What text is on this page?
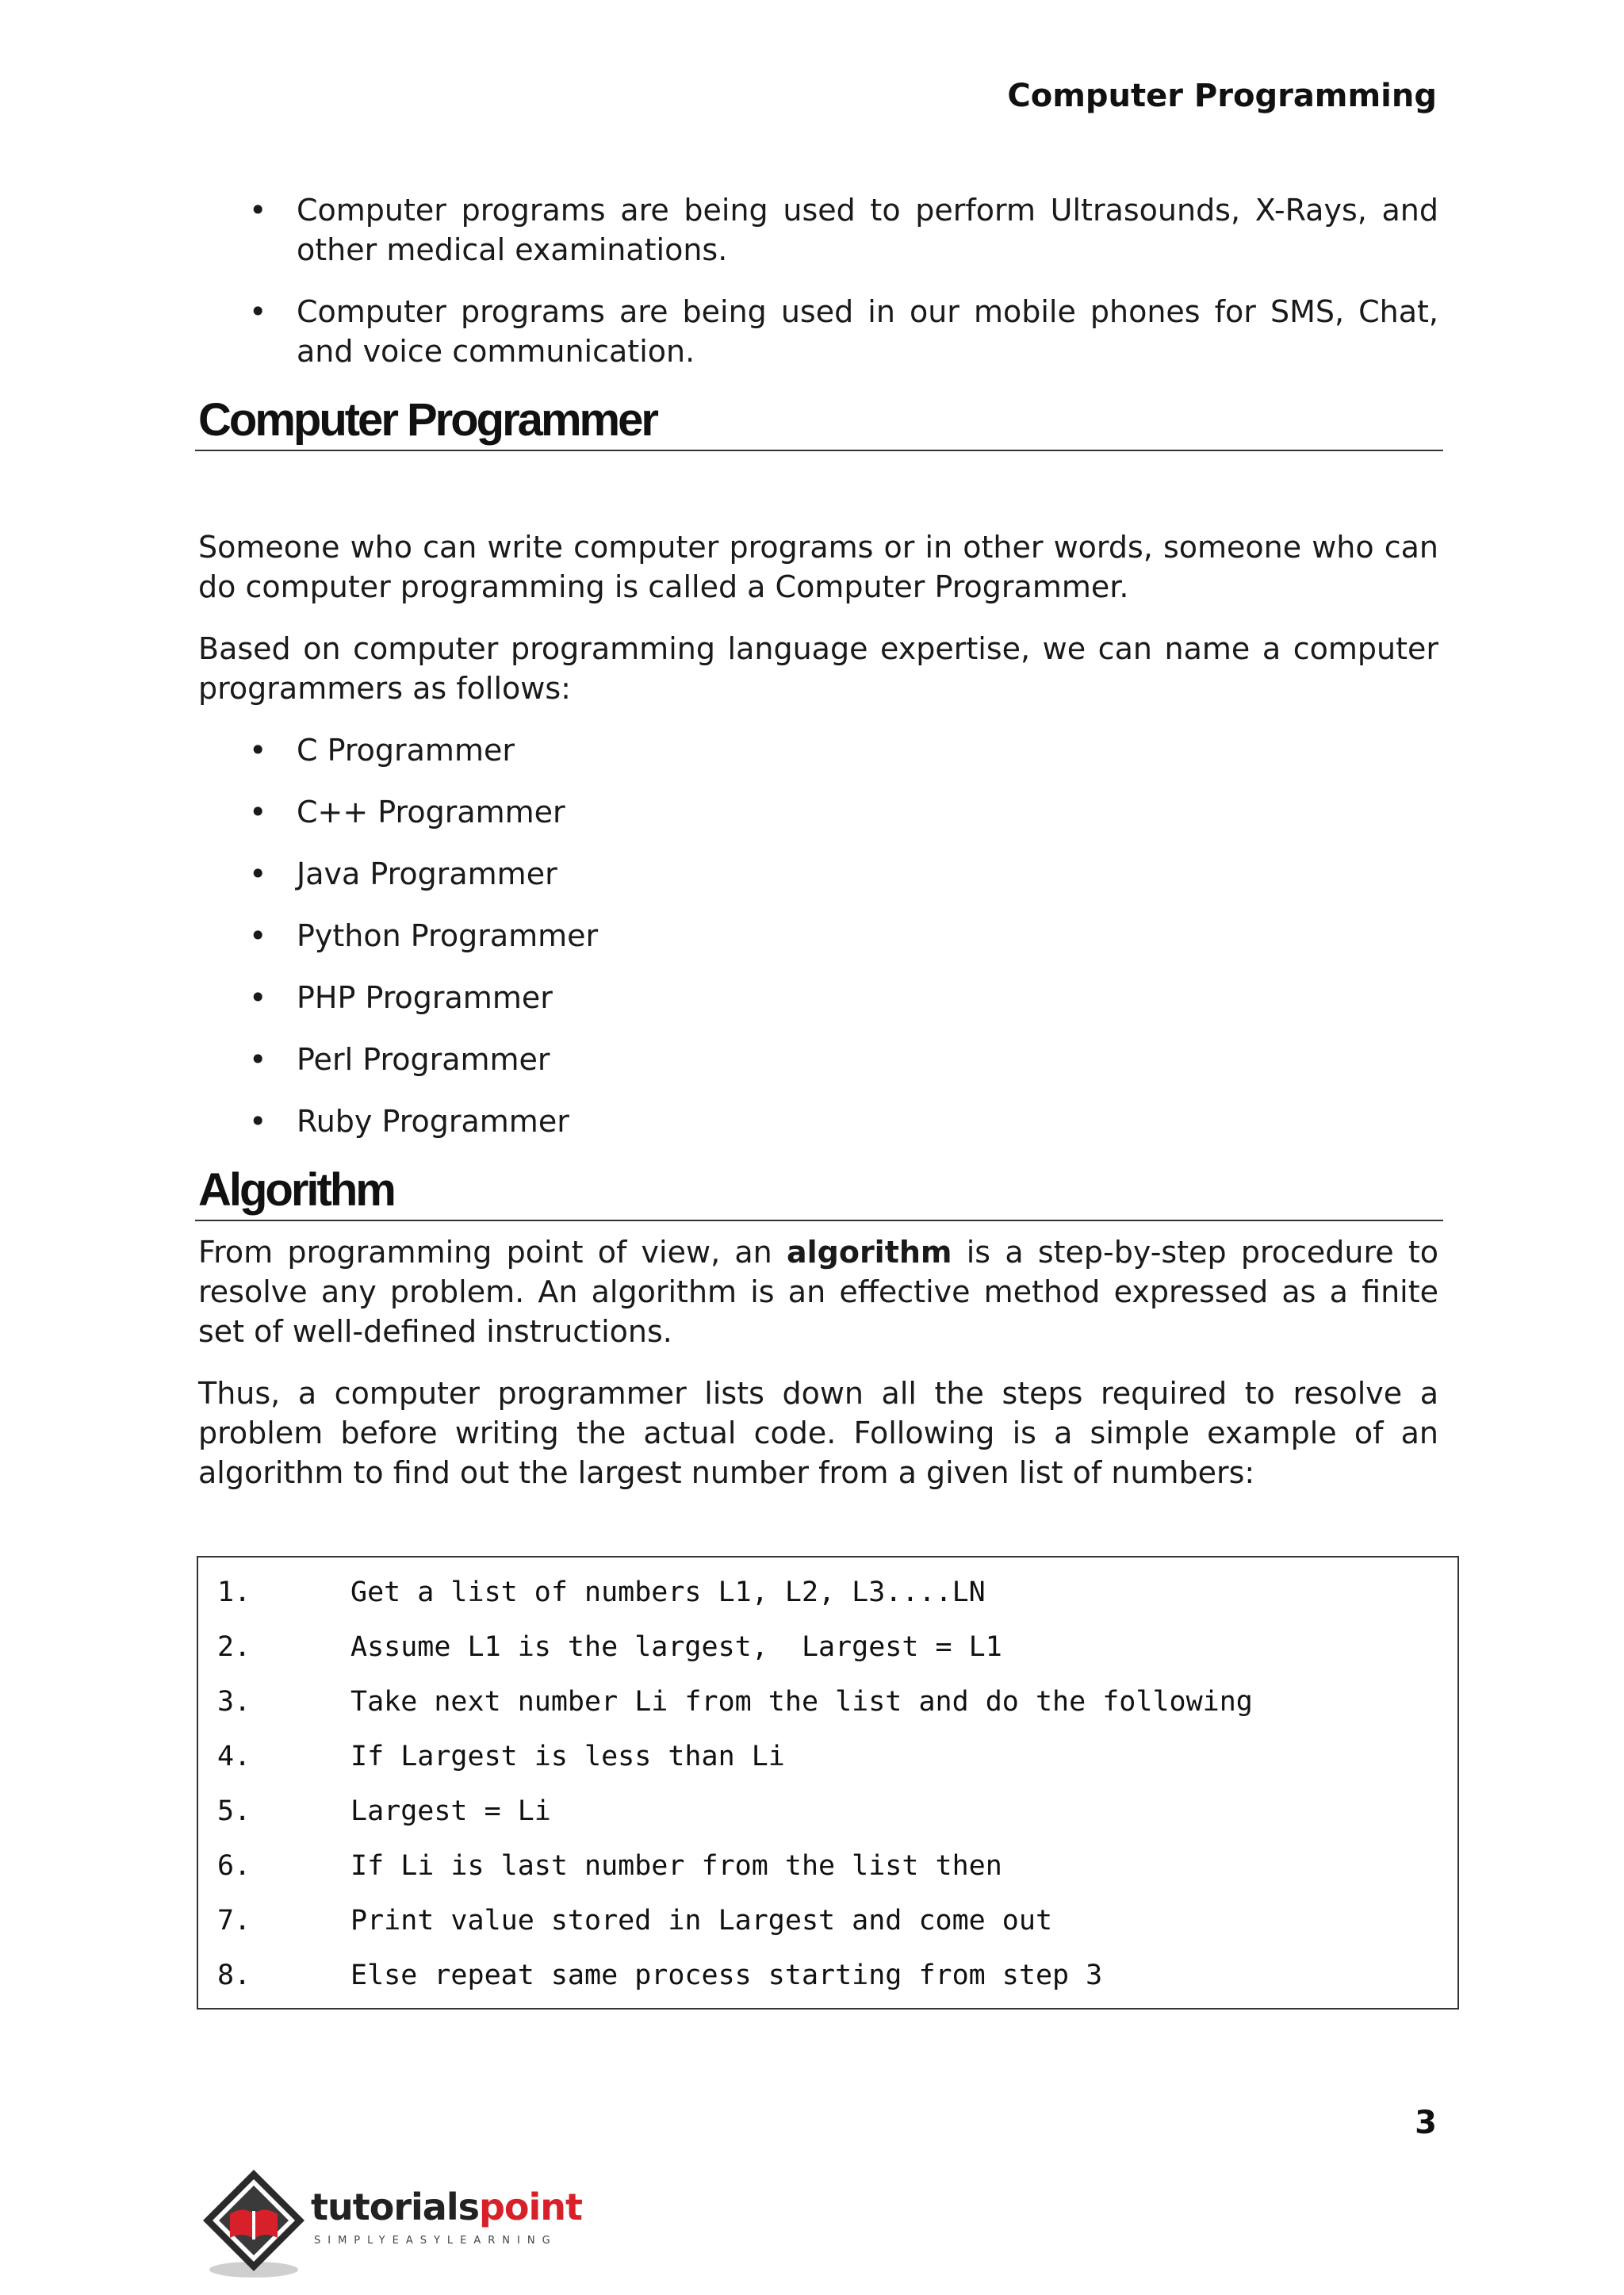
Computer Programming
• Computer programs are being used to perform Ultrasounds, X-Rays, and other medical examinations.
• Computer programs are being used in our mobile phones for SMS, Chat, and voice communication.
Computer Programmer

Someone who can write computer programs or in other words, someone who can do computer programming is called a Computer Programmer.

Based on computer programming language expertise, we can name a computer programmers as follows:

• C Programmer
• C++ Programmer
• Java Programmer
• Python Programmer
• PHP Programmer
• Perl Programmer
• Ruby Programmer
Algorithm

From programming point of view, an algorithm is a step-by-step procedure to resolve any problem. An algorithm is an effective method expressed as a finite set of well-defined instructions.

Thus, a computer programmer lists down all the steps required to resolve a problem before writing the actual code. Following is a simple example of an algorithm to find out the largest number from a given list of numbers:

1.	Get a list of numbers L1, L2, L3....LN
2.	Assume L1 is the largest,  Largest = L1
3.	Take next number Li from the list and do the following
4.	If Largest is less than Li
5.	Largest = Li
6.	If Li is last number from the list then
7.	Print value stored in Largest and come out
8.	Else repeat same process starting from step 3
3
tutorialspoint
SIMPLYEASYLEARNING
